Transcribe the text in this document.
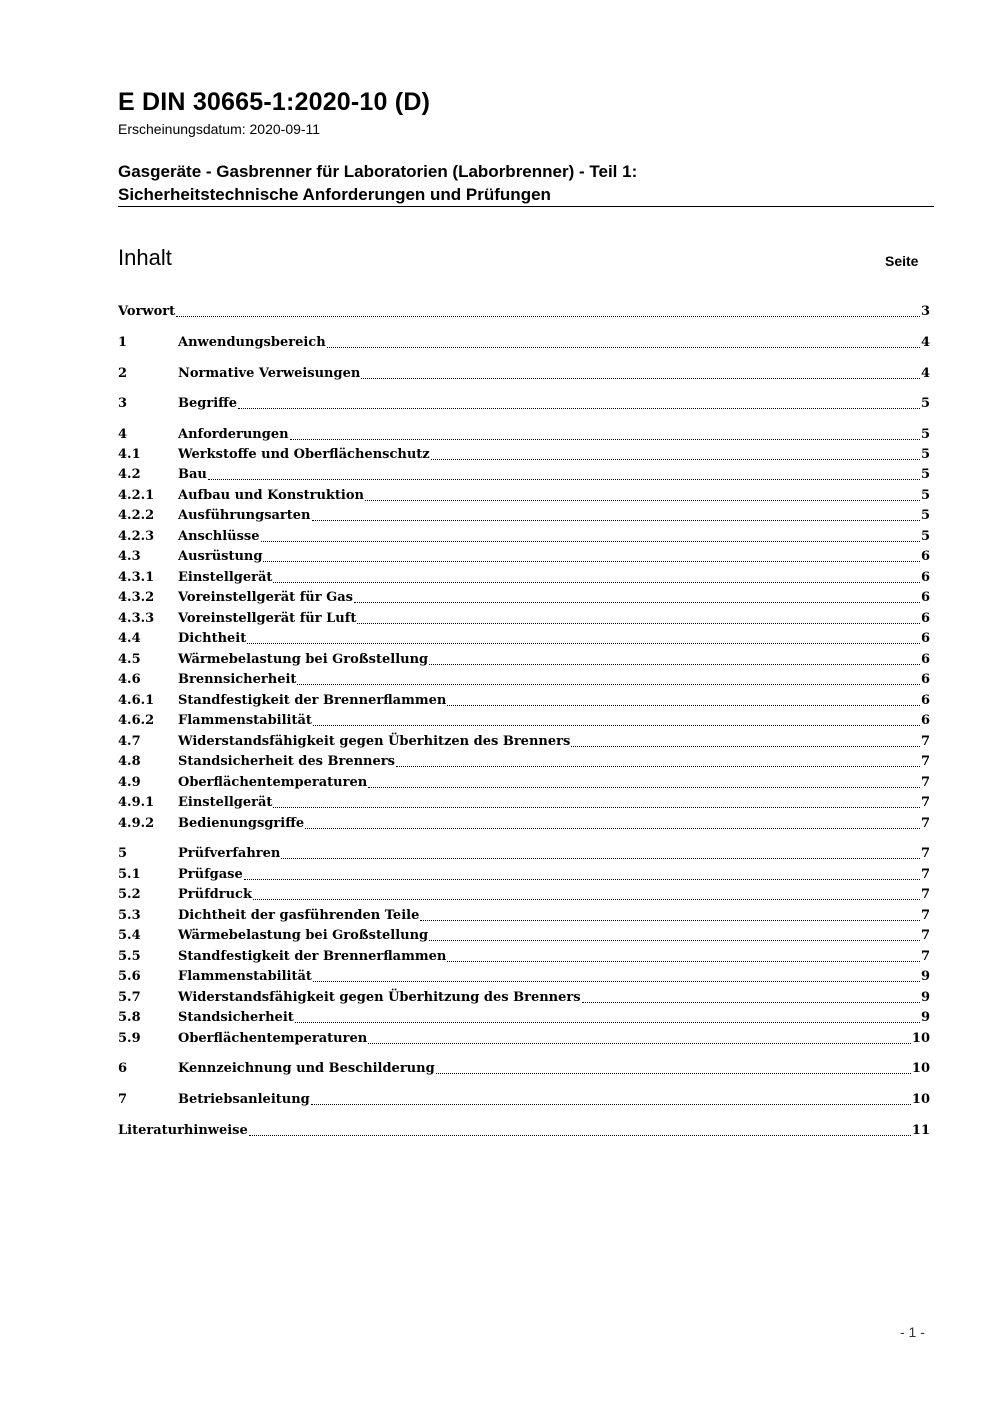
E DIN 30665-1:2020-10 (D)
Erscheinungsdatum: 2020-09-11
Gasgeräte - Gasbrenner für Laboratorien (Laborbrenner) - Teil 1:
Sicherheitstechnische Anforderungen und Prüfungen
Inhalt	Seite
Vorwort	3
1	Anwendungsbereich	4
2	Normative Verweisungen	4
3	Begriffe	5
4	Anforderungen	5
4.1	Werkstoffe und Oberflächenschutz	5
4.2	Bau	5
4.2.1	Aufbau und Konstruktion	5
4.2.2	Ausführungsarten	5
4.2.3	Anschlüsse	5
4.3	Ausrüstung	6
4.3.1	Einstellgerät	6
4.3.2	Voreinstellgerät für Gas	6
4.3.3	Voreinstellgerät für Luft	6
4.4	Dichtheit	6
4.5	Wärmebelastung bei Großstellung	6
4.6	Brennsicherheit	6
4.6.1	Standfestigkeit der Brennerflammen	6
4.6.2	Flammenstabilität	6
4.7	Widerstandsfähigkeit gegen Überhitzen des Brenners	7
4.8	Standsicherheit des Brenners	7
4.9	Oberflächentemperaturen	7
4.9.1	Einstellgerät	7
4.9.2	Bedienungsgriffe	7
5	Prüfverfahren	7
5.1	Prüfgase	7
5.2	Prüfdruck	7
5.3	Dichtheit der gasführenden Teile	7
5.4	Wärmebelastung bei Großstellung	7
5.5	Standfestigkeit der Brennerflammen	7
5.6	Flammenstabilität	9
5.7	Widerstandsfähigkeit gegen Überhitzung des Brenners	9
5.8	Standsicherheit	9
5.9	Oberflächentemperaturen	10
6	Kennzeichnung und Beschilderung	10
7	Betriebsanleitung	10
Literaturhinweise	11
- 1 -
